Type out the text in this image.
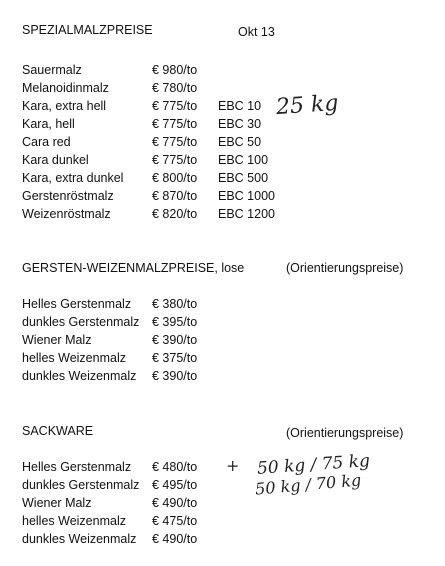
SPEZIALMALZPREISE	Okt 13
Sauermalz	€ 980/to
Melanoidinmalz	€ 780/to
Kara, extra hell	€ 775/to EBC 10
Kara, hell	€ 775/to EBC 30
Cara red	€ 775/to EBC 50
Kara dunkel	€ 775/to EBC 100
Kara, extra dunkel € 800/to EBC 500
Gerstenröstmalz	€ 870/to EBC 1000
Weizenröstmalz	€ 820/to EBC 1200
25 kg
GERSTEN-WEIZENMALZPREISE, lose	(Orientierungspreise)
Helles Gerstenmalz € 380/to
dunkles Gerstenmalz € 395/to
Wiener Malz	€ 390/to
helles Weizenmalz € 375/to
dunkles Weizenmalz € 390/to
SACKWARE	(Orientierungspreise)
Helles Gerstenmalz € 480/to
dunkles Gerstenmalz € 495/to
Wiener Malz	€ 490/to
helles Weizenmalz € 475/to
dunkles Weizenmalz € 490/to
+ 50 kg / 75 kg
50 kg / 70 kg
